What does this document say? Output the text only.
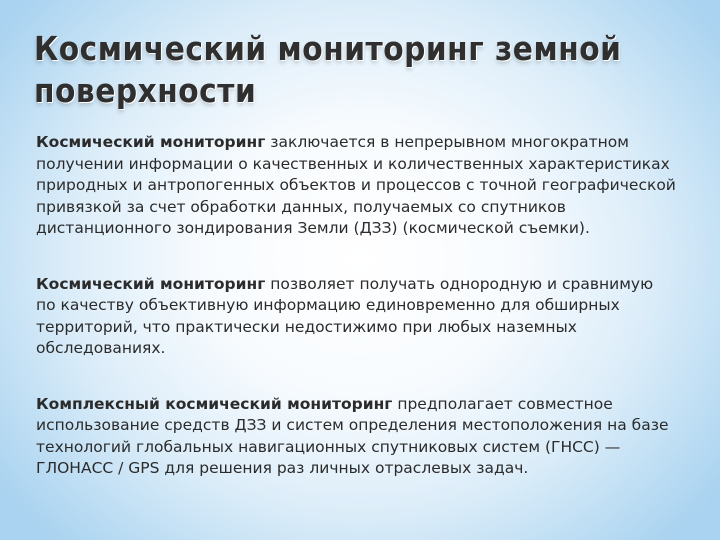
Космический мониторинг земной поверхности

Космический мониторинг заключается в непрерывном многократном получении информации о качественных и количественных характеристиках природных и антропогенных объектов и процессов с точной географической привязкой за счет обработки данных, получаемых со спутников дистанционного зондирования Земли (ДЗЗ) (космической съемки).

Космический мониторинг позволяет получать однородную и сравнимую по качеству объективную информацию единовременно для обширных территорий, что практически недостижимо при любых наземных обследованиях.

Комплексный космический мониторинг предполагает совместное использование средств ДЗЗ и систем определения местоположения на базе технологий глобальных навигационных спутниковых систем (ГНСС) — ГЛОНАСС / GPS для решения раз личных отраслевых задач.
